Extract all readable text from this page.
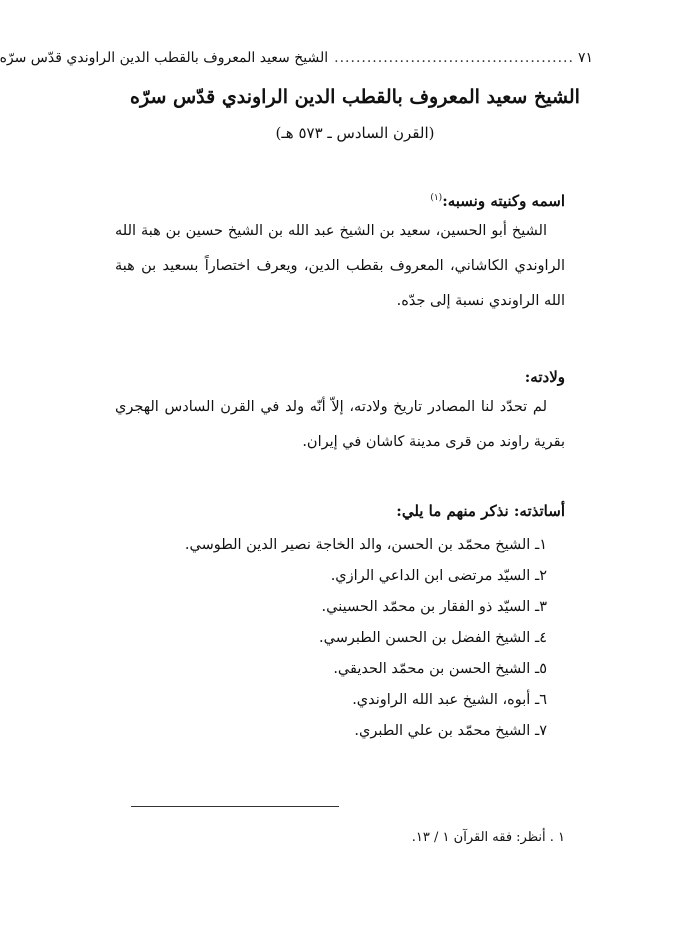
٧١
............................................
الشيخ سعيد المعروف بالقطب الدين الراوندي قدّس سرّه
الشيخ سعيد المعروف بالقطب الدين الراوندي قدّس سرّه
(القرن السادس ـ ٥٧٣ هـ)
اسمه وكنيته ونسبه:$^{(١)}$
الشيخ أبو الحسين، سعيد بن الشيخ عبد الله بن الشيخ حسين بن هبة الله الراوندي الكاشاني، المعروف بقطب الدين، ويعرف اختصاراً بسعيد بن هبة الله الراوندي نسبة إلى جدّه.
ولادته:
لم تحدّد لنا المصادر تاريخ ولادته، إلاّ أنّه ولد في القرن السادس الهجري بقرية راوند من قرى مدينة كاشان في إيران.
أساتذته: نذكر منهم ما يلي:
١ـ الشيخ محمّد بن الحسن، والد الخاجة نصير الدين الطوسي.
٢ـ السيّد مرتضى ابن الداعي الرازي.
٣ـ السيّد ذو الفقار بن محمّد الحسيني.
٤ـ الشيخ الفضل بن الحسن الطبرسي.
٥ـ الشيخ الحسن بن محمّد الحديقي.
٦ـ أبوه، الشيخ عبد الله الراوندي.
٧ـ الشيخ محمّد بن علي الطبري.
١ . أنظر: فقه القرآن ١ / ١٣.
